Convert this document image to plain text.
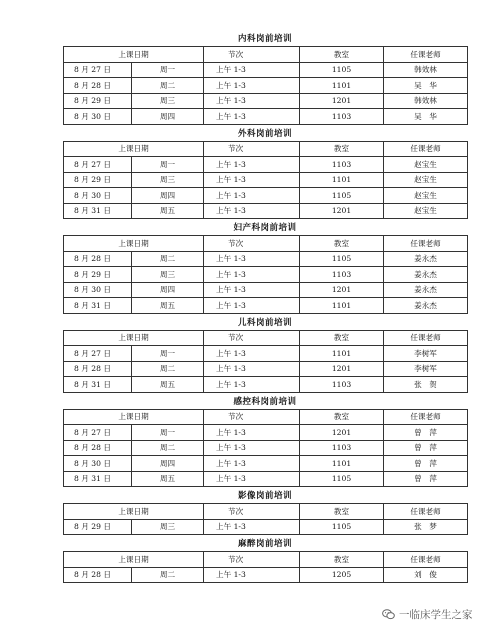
内科岗前培训
上课日期		节次	教室	任课老师
8 月 27 日	周一	上午 1-3	1105	韩效林
8 月 28 日	周二	上午 1-3	1101	吴　华
8 月 29 日	周三	上午 1-3	1201	韩效林
8 月 30 日	周四	上午 1-3	1103	吴　华
外科岗前培训
上课日期		节次	教室	任课老师
8 月 27 日	周一	上午 1-3	1103	赵宝生
8 月 29 日	周三	上午 1-3	1101	赵宝生
8 月 30 日	周四	上午 1-3	1105	赵宝生
8 月 31 日	周五	上午 1-3	1201	赵宝生
妇产科岗前培训
上课日期		节次	教室	任课老师
8 月 28 日	周二	上午 1-3	1105	姜永杰
8 月 29 日	周三	上午 1-3	1103	姜永杰
8 月 30 日	周四	上午 1-3	1201	姜永杰
8 月 31 日	周五	上午 1-3	1101	姜永杰
儿科岗前培训
上课日期		节次	教室	任课老师
8 月 27 日	周一	上午 1-3	1101	李树军
8 月 28 日	周二	上午 1-3	1201	李树军
8 月 31 日	周五	上午 1-3	1103	张　贺
感控科岗前培训
上课日期		节次	教室	任课老师
8 月 27 日	周一	上午 1-3	1201	曾　萍
8 月 28 日	周二	上午 1-3	1103	曾　萍
8 月 30 日	周四	上午 1-3	1101	曾　萍
8 月 31 日	周五	上午 1-3	1105	曾　萍
影像岗前培训
上课日期		节次	教室	任课老师
8 月 29 日	周三	上午 1-3	1105	张　梦
麻醉岗前培训
上课日期		节次	教室	任课老师
8 月 28 日	周二	上午 1-3	1205	刘　俊
一临床学生之家
